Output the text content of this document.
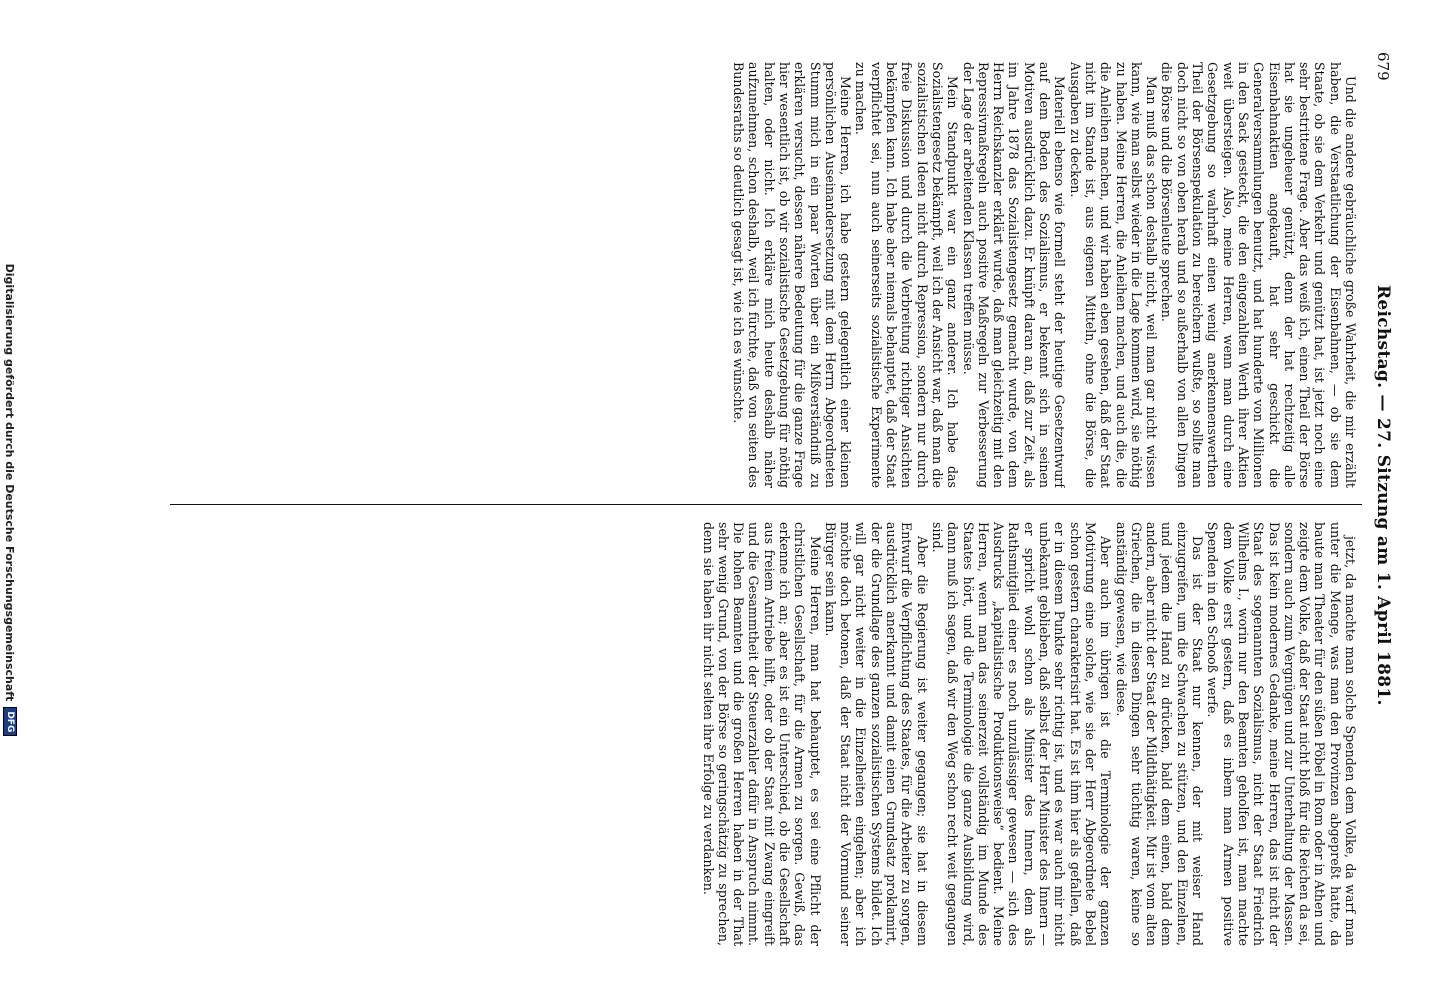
679
Reichstag. — 27. Sitzung am 1. April 1881.

Und die andere gebräuchliche große Wahrheit, die mir erzählt haben, die Verstaatlichung der Eisenbahnen, — ob sie dem Staate, ob sie dem Verkehr und genützt hat, ist jetzt noch eine sehr bestrittene Frage. Aber das weiß ich, einen Theil der Börse hat sie ungeheuer genützt, denn der hat rechtzeitig alle Eisenbahnaktien angekauft, hat sehr geschickt die Generalversammlungen benutzt, und hat hunderte von Millionen in den Sack gesteckt, die den eingezahlten Werth ihrer Aktien weit übersteigen. Also, meine Herren, wenn man durch eine Gesetzgebung so wahrhaft einen wenig anerkennenswerthen Theil der Börsenspekulation zu bereichern wußte, so sollte man doch nicht so von oben herab und so außerhalb von allen Dingen die Börse und die Börsenleute sprechen.

Man muß das schon deshalb nicht, weil man gar nicht wissen kann, wie man selbst wieder in die Lage kommen wird, sie nöthig zu haben. Meine Herren, die Anleihen machen, und auch die, die die Anleihen machen, und wir haben eben gesehen, daß der Staat nicht im Stande ist, aus eigenen Mitteln, ohne die Börse, die Ausgaben zu decken.

Materiell ebenso wie formell steht der heutige Gesetzentwurf auf dem Boden des Sozialismus, er bekennt sich in seinen Motiven ausdrücklich dazu. Er knüpft daran an, daß zur Zeit, als im Jahre 1878 das Sozialistengesetz gemacht wurde, von dem Herrn Reichskanzler erklärt wurde, daß man gleichzeitig mit den Repressivmaßregeln auch positive Maßregeln zur Verbesserung der Lage der arbeitenden Klassen treffen müsse.

Mein Standpunkt war ein ganz anderer. Ich habe das Sozialistengesetz bekämpft, weil ich der Ansicht war, daß man die sozialistischen Ideen nicht durch Repression, sondern nur durch freie Diskussion und durch die Verbreitung richtiger Ansichten bekämpfen kann. Ich habe aber niemals behauptet, daß der Staat verpflichtet sei, nun auch seinerseits sozialistische Experimente zu machen.

Meine Herren, ich habe gestern gelegentlich einer kleinen persönlichen Auseinandersetzung mit dem Herrn Abgeordneten Stumm mich in ein paar Worten über ein Mißverständniß zu erklären versucht, dessen nähere Bedeutung für die ganze Frage hier wesentlich ist, ob wir sozialistische Gesetzgebung für nöthig halten, oder nicht. Ich erkläre mich heute deshalb näher aufzunehmen, schon deshalb, weil ich fürchte, daß von seiten des Bundesraths so deutlich gesagt ist, wie ich es wünschte.

jetzt, da machte man solche Spenden dem Volke, da warf man unter die Menge, was man den Provinzen abgepreßt hatte, da baute man Theater für den süßen Pöbel in Rom oder in Athen und zeigte dem Volke, daß der Staat nicht bloß für die Reichen da sei, sondern auch zum Vergnügen und zur Unterhaltung der Massen. Das ist kein modernes Gedanke, meine Herren, das ist nicht der Staat des sogenannten Sozialismus, nicht der Staat Friedrich Wilhelms I., worin nur den Beamten geholfen ist, man machte dem Volke erst gestern, daß es inbem man Armen positive Spenden in den Schooß werfe.

Das ist der Staat nur kennen, der mit weiser Hand einzugreifen, um die Schwachen zu stützen, und den Einzelnen, und jedem die Hand zu drücken, bald dem einen, bald dem andern, aber nicht der Staat der Mildthätigkeit. Mir ist vom alten Griechen, die in diesen Dingen sehr tüchtig waren, keine so anständig gewesen, wie diese.

Aber auch im übrigen ist die Terminologie der ganzen Motivirung eine solche, wie sie der Herr Abgeordnete Bebel schon gestern charakterisirt hat. Es ist ihm hier als gefallen, daß er in diesem Punkte sehr richtig ist, und es war auch mir nicht unbekannt geblieben, daß selbst der Herr Minister des Innern — er spricht wohl schon als Minister des Innern, dem als Rathsmitglied einer es noch unzulässiger gewesen — sich des Ausdrucks „kapitalistische Produktionsweise“ bedient. Meine Herren, wenn man das seinerzeit vollständig im Munde des Staates hört, und die Terminologie die ganze Ausbildung wird, dann muß ich sagen, daß wir den Weg schon recht weit gegangen sind.

Aber die Regierung ist weiter gegangen; sie hat in diesem Entwurf die Verpflichtung des Staates, für die Arbeiter zu sorgen, ausdrücklich anerkannt und damit einen Grundsatz proklamirt, der die Grundlage des ganzen sozialistischen Systems bildet. Ich will gar nicht weiter in die Einzelheiten eingehen; aber ich möchte doch betonen, daß der Staat nicht der Vormund seiner Bürger sein kann.

Meine Herren, man hat behauptet, es sei eine Pflicht der christlichen Gesellschaft, für die Armen zu sorgen. Gewiß, das erkenne ich an; aber es ist ein Unterschied, ob die Gesellschaft aus freiem Antriebe hilft, oder ob der Staat mit Zwang eingreift und die Gesammtheit der Steuerzahler dafür in Anspruch nimmt. Die hohen Beamten und die großen Herren haben in der That sehr wenig Grund, von der Börse so geringschätzig zu sprechen, denn sie haben ihr nicht selten ihre Erfolge zu verdanken.

Digitalisierung gefördert durch die Deutsche Forschungsgemeinschaft
DFG
